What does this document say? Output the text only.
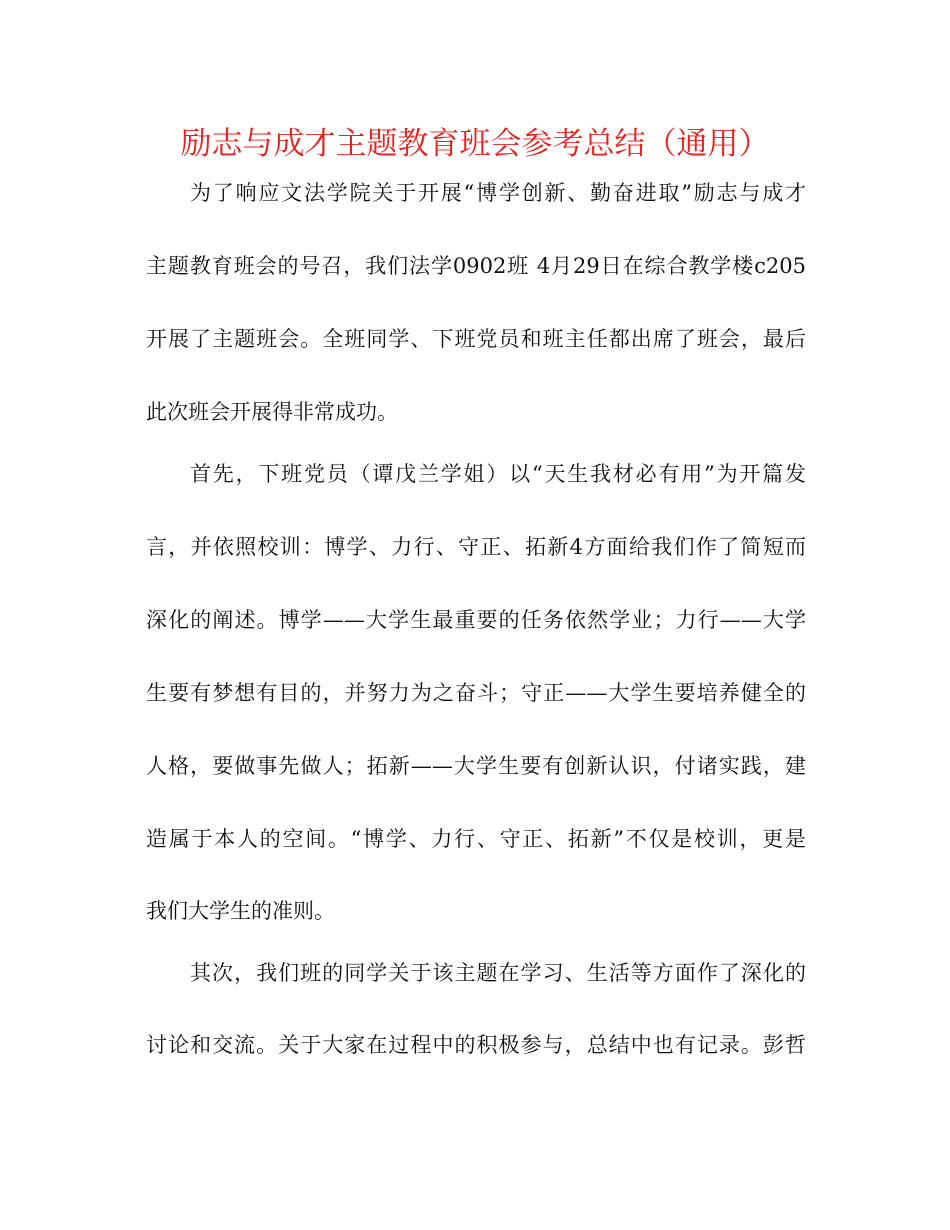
励志与成才主题教育班会参考总结（通用）
为了响应文法学院关于开展“博学创新、勤奋进取”励志与成才
主题教育班会的号召，我们法学0902班 4月29日在综合教学楼c205
开展了主题班会。全班同学、下班党员和班主任都出席了班会，最后
此次班会开展得非常成功。
首先，下班党员（谭戊兰学姐）以“天生我材必有用”为开篇发
言，并依照校训：博学、力行、守正、拓新4方面给我们作了简短而
深化的阐述。博学——大学生最重要的任务依然学业；力行——大学
生要有梦想有目的，并努力为之奋斗；守正——大学生要培养健全的
人格，要做事先做人；拓新——大学生要有创新认识，付诸实践，建
造属于本人的空间。“博学、力行、守正、拓新”不仅是校训，更是
我们大学生的准则。
其次，我们班的同学关于该主题在学习、生活等方面作了深化的
讨论和交流。关于大家在过程中的积极参与，总结中也有记录。彭哲
